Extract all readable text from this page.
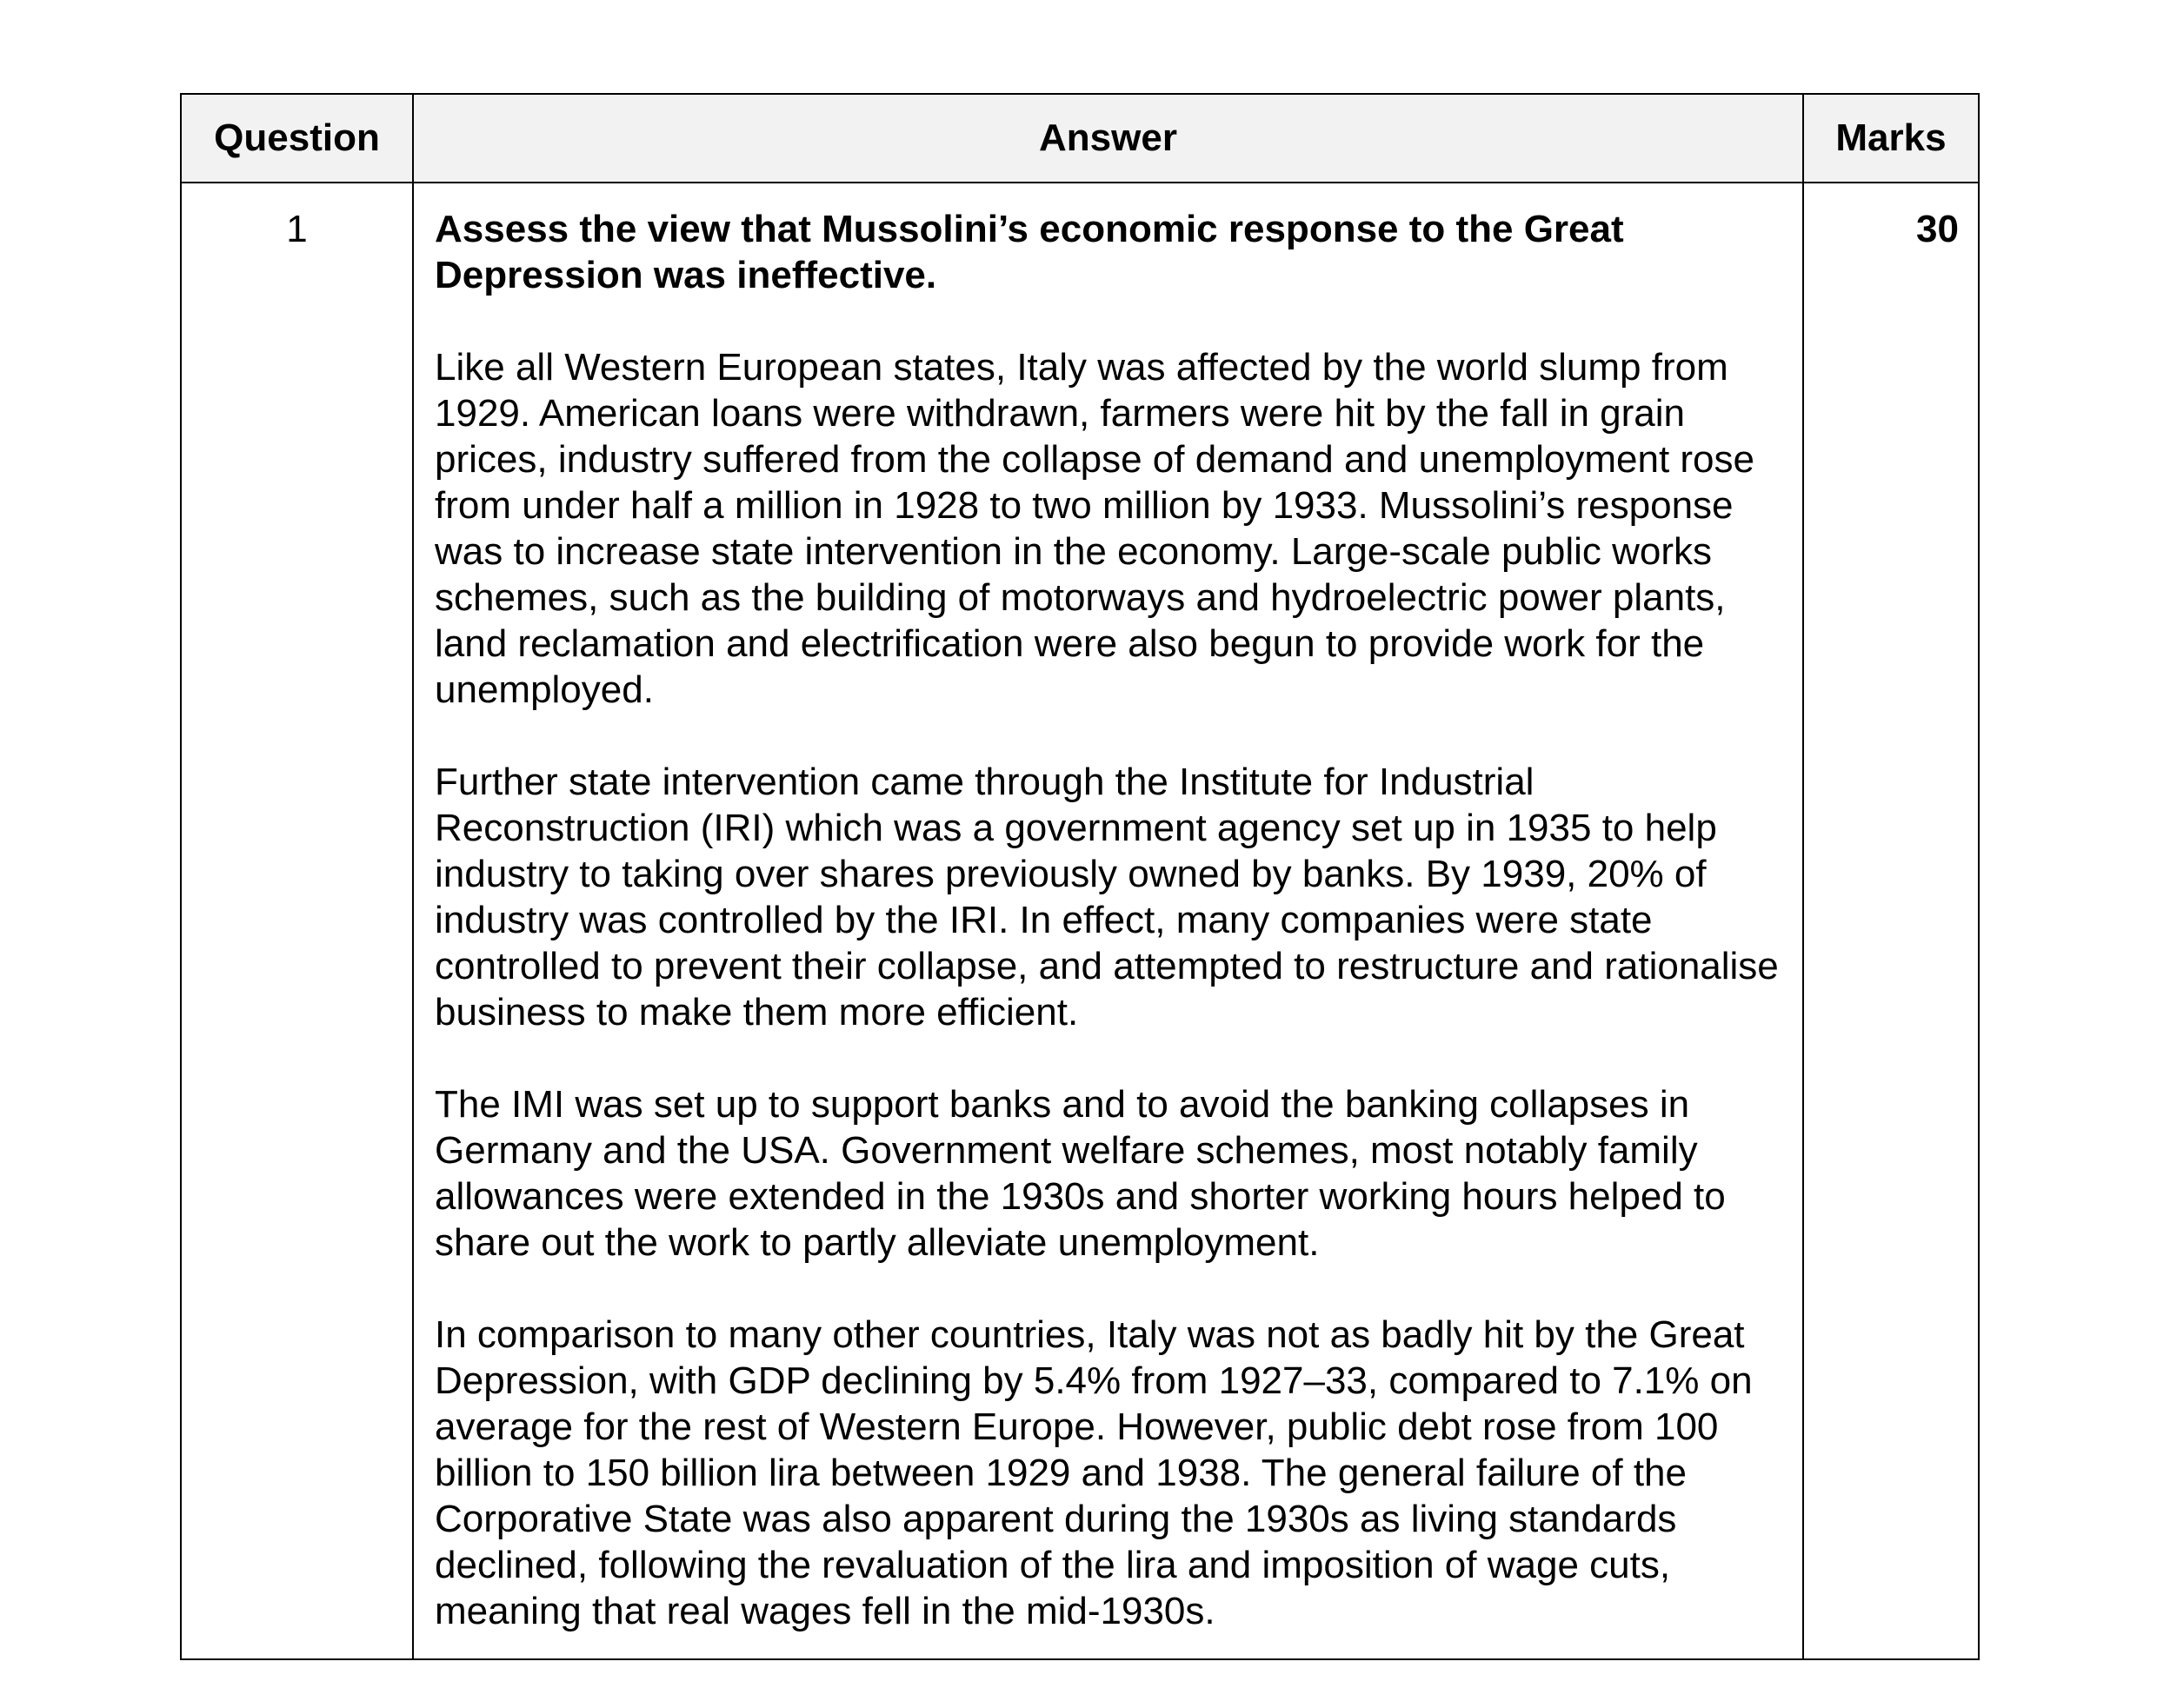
Question	Answer	Marks
1	Assess the view that Mussolini’s economic response to the Great Depression was ineffective.

Like all Western European states, Italy was affected by the world slump from 1929. American loans were withdrawn, farmers were hit by the fall in grain prices, industry suffered from the collapse of demand and unemployment rose from under half a million in 1928 to two million by 1933. Mussolini’s response was to increase state intervention in the economy. Large-scale public works schemes, such as the building of motorways and hydroelectric power plants, land reclamation and electrification were also begun to provide work for the unemployed.

Further state intervention came through the Institute for Industrial Reconstruction (IRI) which was a government agency set up in 1935 to help industry to taking over shares previously owned by banks. By 1939, 20% of industry was controlled by the IRI. In effect, many companies were state controlled to prevent their collapse, and attempted to restructure and rationalise business to make them more efficient.

The IMI was set up to support banks and to avoid the banking collapses in Germany and the USA. Government welfare schemes, most notably family allowances were extended in the 1930s and shorter working hours helped to share out the work to partly alleviate unemployment.

In comparison to many other countries, Italy was not as badly hit by the Great Depression, with GDP declining by 5.4% from 1927–33, compared to 7.1% on average for the rest of Western Europe. However, public debt rose from 100 billion to 150 billion lira between 1929 and 1938. The general failure of the Corporative State was also apparent during the 1930s as living standards declined, following the revaluation of the lira and imposition of wage cuts, meaning that real wages fell in the mid-1930s.	30
